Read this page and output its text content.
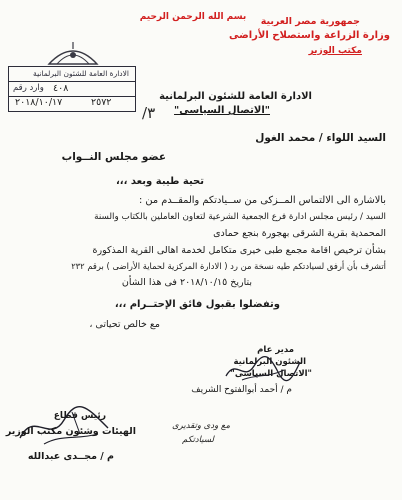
بسم الله الرحمن الرحيم	جمهورية مصر العربية
وزارة الزراعة واستصلاح الأراضى
مكتب الوزير
الادارة العامة للشئون البرلمانية
وارد رقم ٤٠٨
٢٠١٨/١٠/١٧	٢٥٧٢
٣/
الادارة العامة للشئون البرلمانية
"الاتصال السياسى"
السيد اللواء / محمد الغول
عضو مجلس النــواب
تحية طيبة وبعد ،،،
بالاشارة الى الالتماس المــزكى من ســيادتكم والمقــدم من :
السيد / رئيس مجلس ادارة فرع الجمعية الشرعية لتعاون العاملين بالكتاب والسنة
المحمدية بقرية الشرقى بهجورة بنجع حمادى
بشأن ترخيص اقامة مجمع طبى خيرى متكامل لخدمة اهالى القرية المذكورة
أتشرف بأن أرفق لسيادتكم طيه نسخة من رد ( الادارة المركزية لحماية الأراضى ) برقم ٢٣٢
بتاريخ ٢٠١٨/١٠/١٥ فى هذا الشأن
وتفضلوا بقبول فائق الإحتــرام ،،،
مع خالص تحياتى ،
مدير عام
الشئون البرلمانية
"الاتصال السياسى"
م / أحمد أبوالفتوح الشريف
رئيس قطاع
الهيئات وشئون مكتب الوزير
م / مجــدى عبدالله
مع ودى وتقديرى
لسيادتكم
